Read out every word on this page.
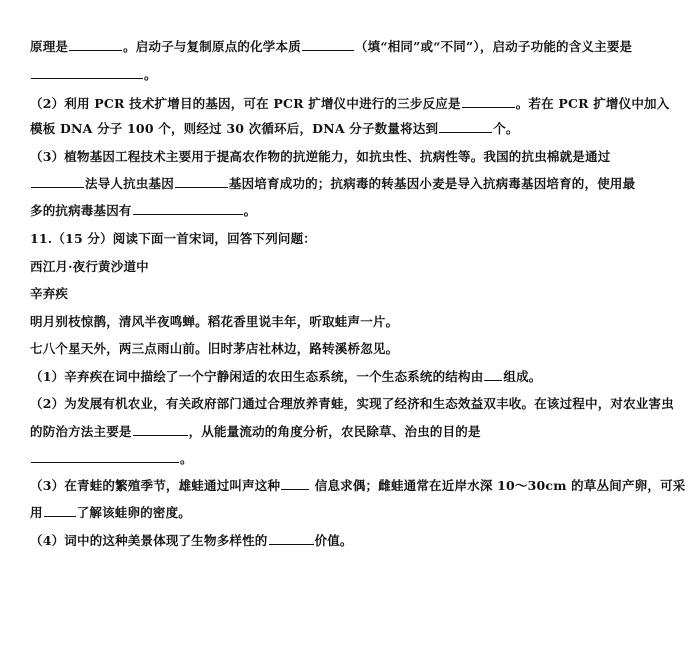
原理是	。启动子与复制原点的化学本质	（填“相同”或“不同”），启动子功能的含义主要是
。
（2）利用 PCR 技术扩增目的基因，可在 PCR 扩增仪中进行的三步反应是	。若在 PCR 扩增仪中加入
模板 DNA 分子 100 个，则经过 30 次循环后，DNA 分子数量将达到	个。
（3）植物基因工程技术主要用于提高农作物的抗逆能力，如抗虫性、抗病性等。我国的抗虫棉就是通过
法导人抗虫基因	基因培育成功的；抗病毒的转基因小麦是导入抗病毒基因培育的，使用最
多的抗病毒基因有	。
11.（15 分）阅读下面一首宋词，回答下列问题：
西江月·夜行黄沙道中
辛弃疾
明月别枝惊鹊，清风半夜鸣蝉。稻花香里说丰年，听取蛙声一片。
七八个星天外，两三点雨山前。旧时茅店社林边，路转溪桥忽见。
（1）辛弃疾在词中描绘了一个宁静闲适的农田生态系统，一个生态系统的结构由 组成。
（2）为发展有机农业，有关政府部门通过合理放养青蛙，实现了经济和生态效益双丰收。在该过程中，对农业害虫
的防治方法主要是	，从能量流动的角度分析，农民除草、治虫的目的是
。
（3）在青蛙的繁殖季节，雄蛙通过叫声这种 信息求偶；雌蛙通常在近岸水深 10～30cm 的草丛间产卵，可采
用	了解该蛙卵的密度。
（4）词中的这种美景体现了生物多样性的	价值。
